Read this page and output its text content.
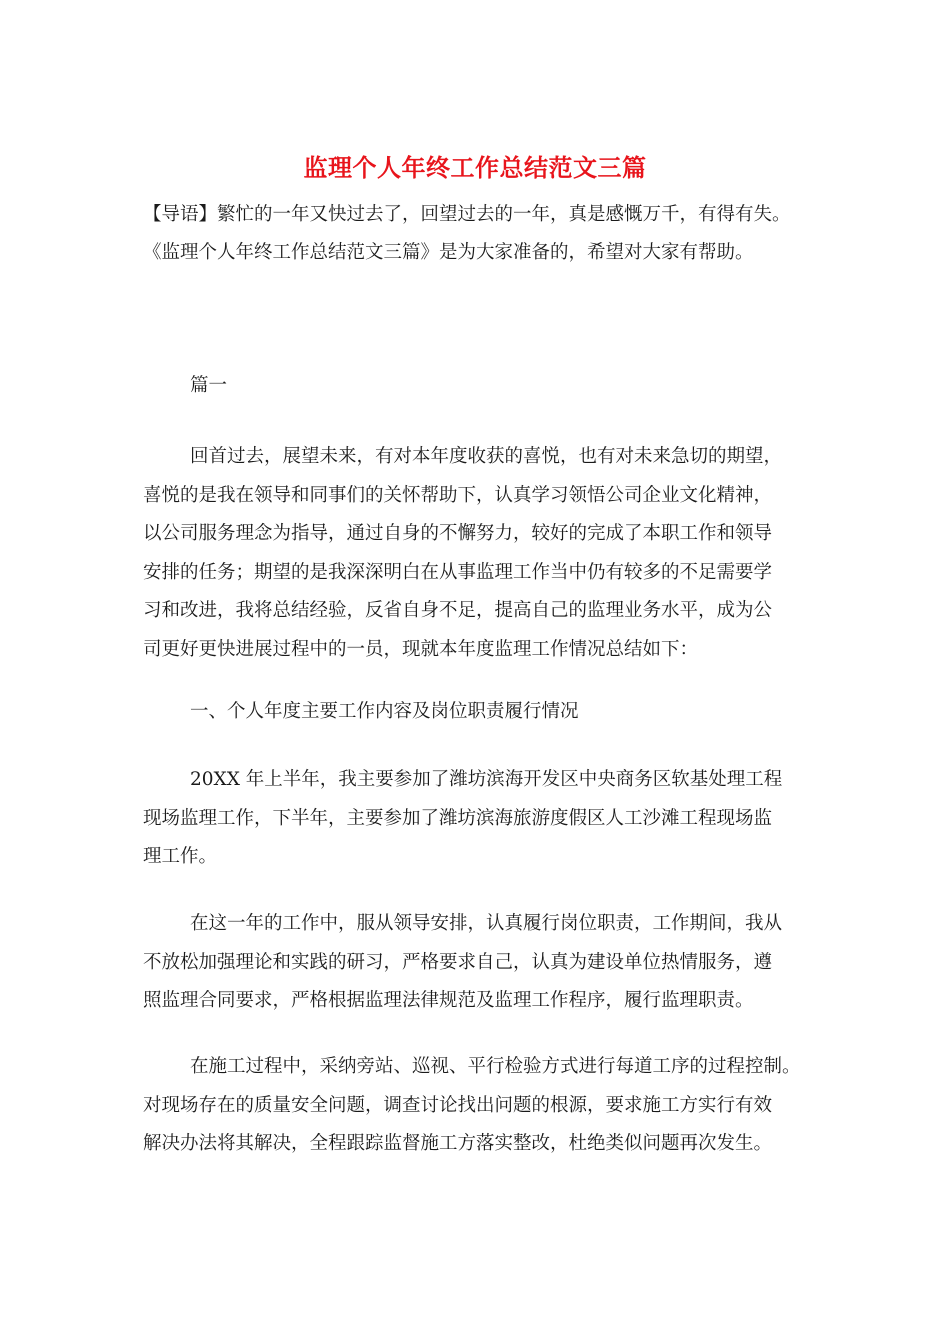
监理个人年终工作总结范文三篇

【导语】繁忙的一年又快过去了，回望过去的一年，真是感慨万千，有得有失。

《监理个人年终工作总结范文三篇》是为大家准备的，希望对大家有帮助。

篇一
回首过去，展望未来，有对本年度收获的喜悦，也有对未来急切的期望，
喜悦的是我在领导和同事们的关怀帮助下，认真学习领悟公司企业文化精神，
以公司服务理念为指导，通过自身的不懈努力，较好的完成了本职工作和领导
安排的任务；期望的是我深深明白在从事监理工作当中仍有较多的不足需要学
习和改进，我将总结经验，反省自身不足，提高自己的监理业务水平，成为公
司更好更快进展过程中的一员，现就本年度监理工作情况总结如下：
一、个人年度主要工作内容及岗位职责履行情况
20XX 年上半年，我主要参加了潍坊滨海开发区中央商务区软基处理工程
现场监理工作，下半年，主要参加了潍坊滨海旅游度假区人工沙滩工程现场监
理工作。
在这一年的工作中，服从领导安排，认真履行岗位职责，工作期间，我从
不放松加强理论和实践的研习，严格要求自己，认真为建设单位热情服务，遵
照监理合同要求，严格根据监理法律规范及监理工作程序，履行监理职责。
在施工过程中，采纳旁站、巡视、平行检验方式进行每道工序的过程控制。
对现场存在的质量安全问题，调查讨论找出问题的根源，要求施工方实行有效
解决办法将其解决，全程跟踪监督施工方落实整改，杜绝类似问题再次发生。
